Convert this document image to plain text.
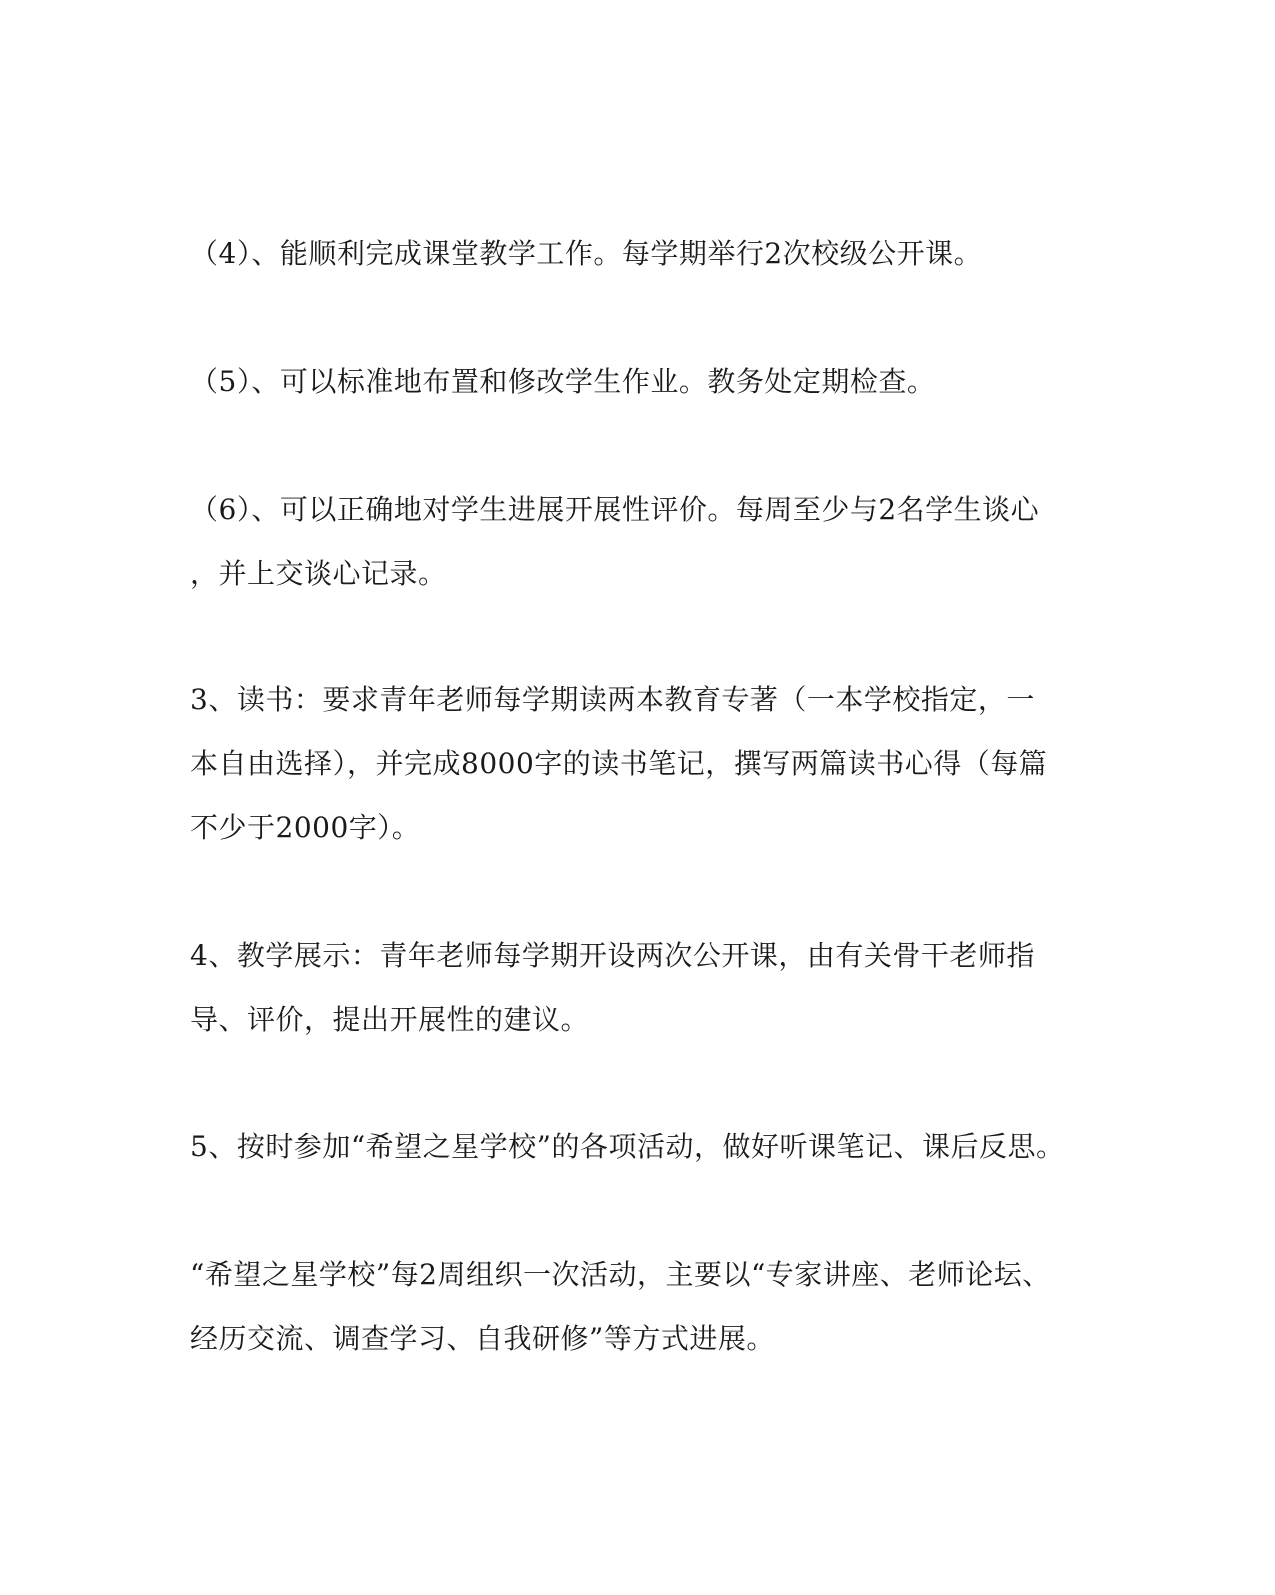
（4）、能顺利完成课堂教学工作。每学期举行2次校级公开课。

（5）、可以标准地布置和修改学生作业。教务处定期检查。

（6）、可以正确地对学生进展开展性评价。每周至少与2名学生谈心
，并上交谈心记录。

3、读书：要求青年老师每学期读两本教育专著（一本学校指定，一
本自由选择），并完成8000字的读书笔记，撰写两篇读书心得（每篇
不少于2000字）。

4、教学展示：青年老师每学期开设两次公开课，由有关骨干老师指
导、评价，提出开展性的建议。

5、按时参加“希望之星学校”的各项活动，做好听课笔记、课后反思。

“希望之星学校”每2周组织一次活动，主要以“专家讲座、老师论坛、
经历交流、调查学习、自我研修”等方式进展。
